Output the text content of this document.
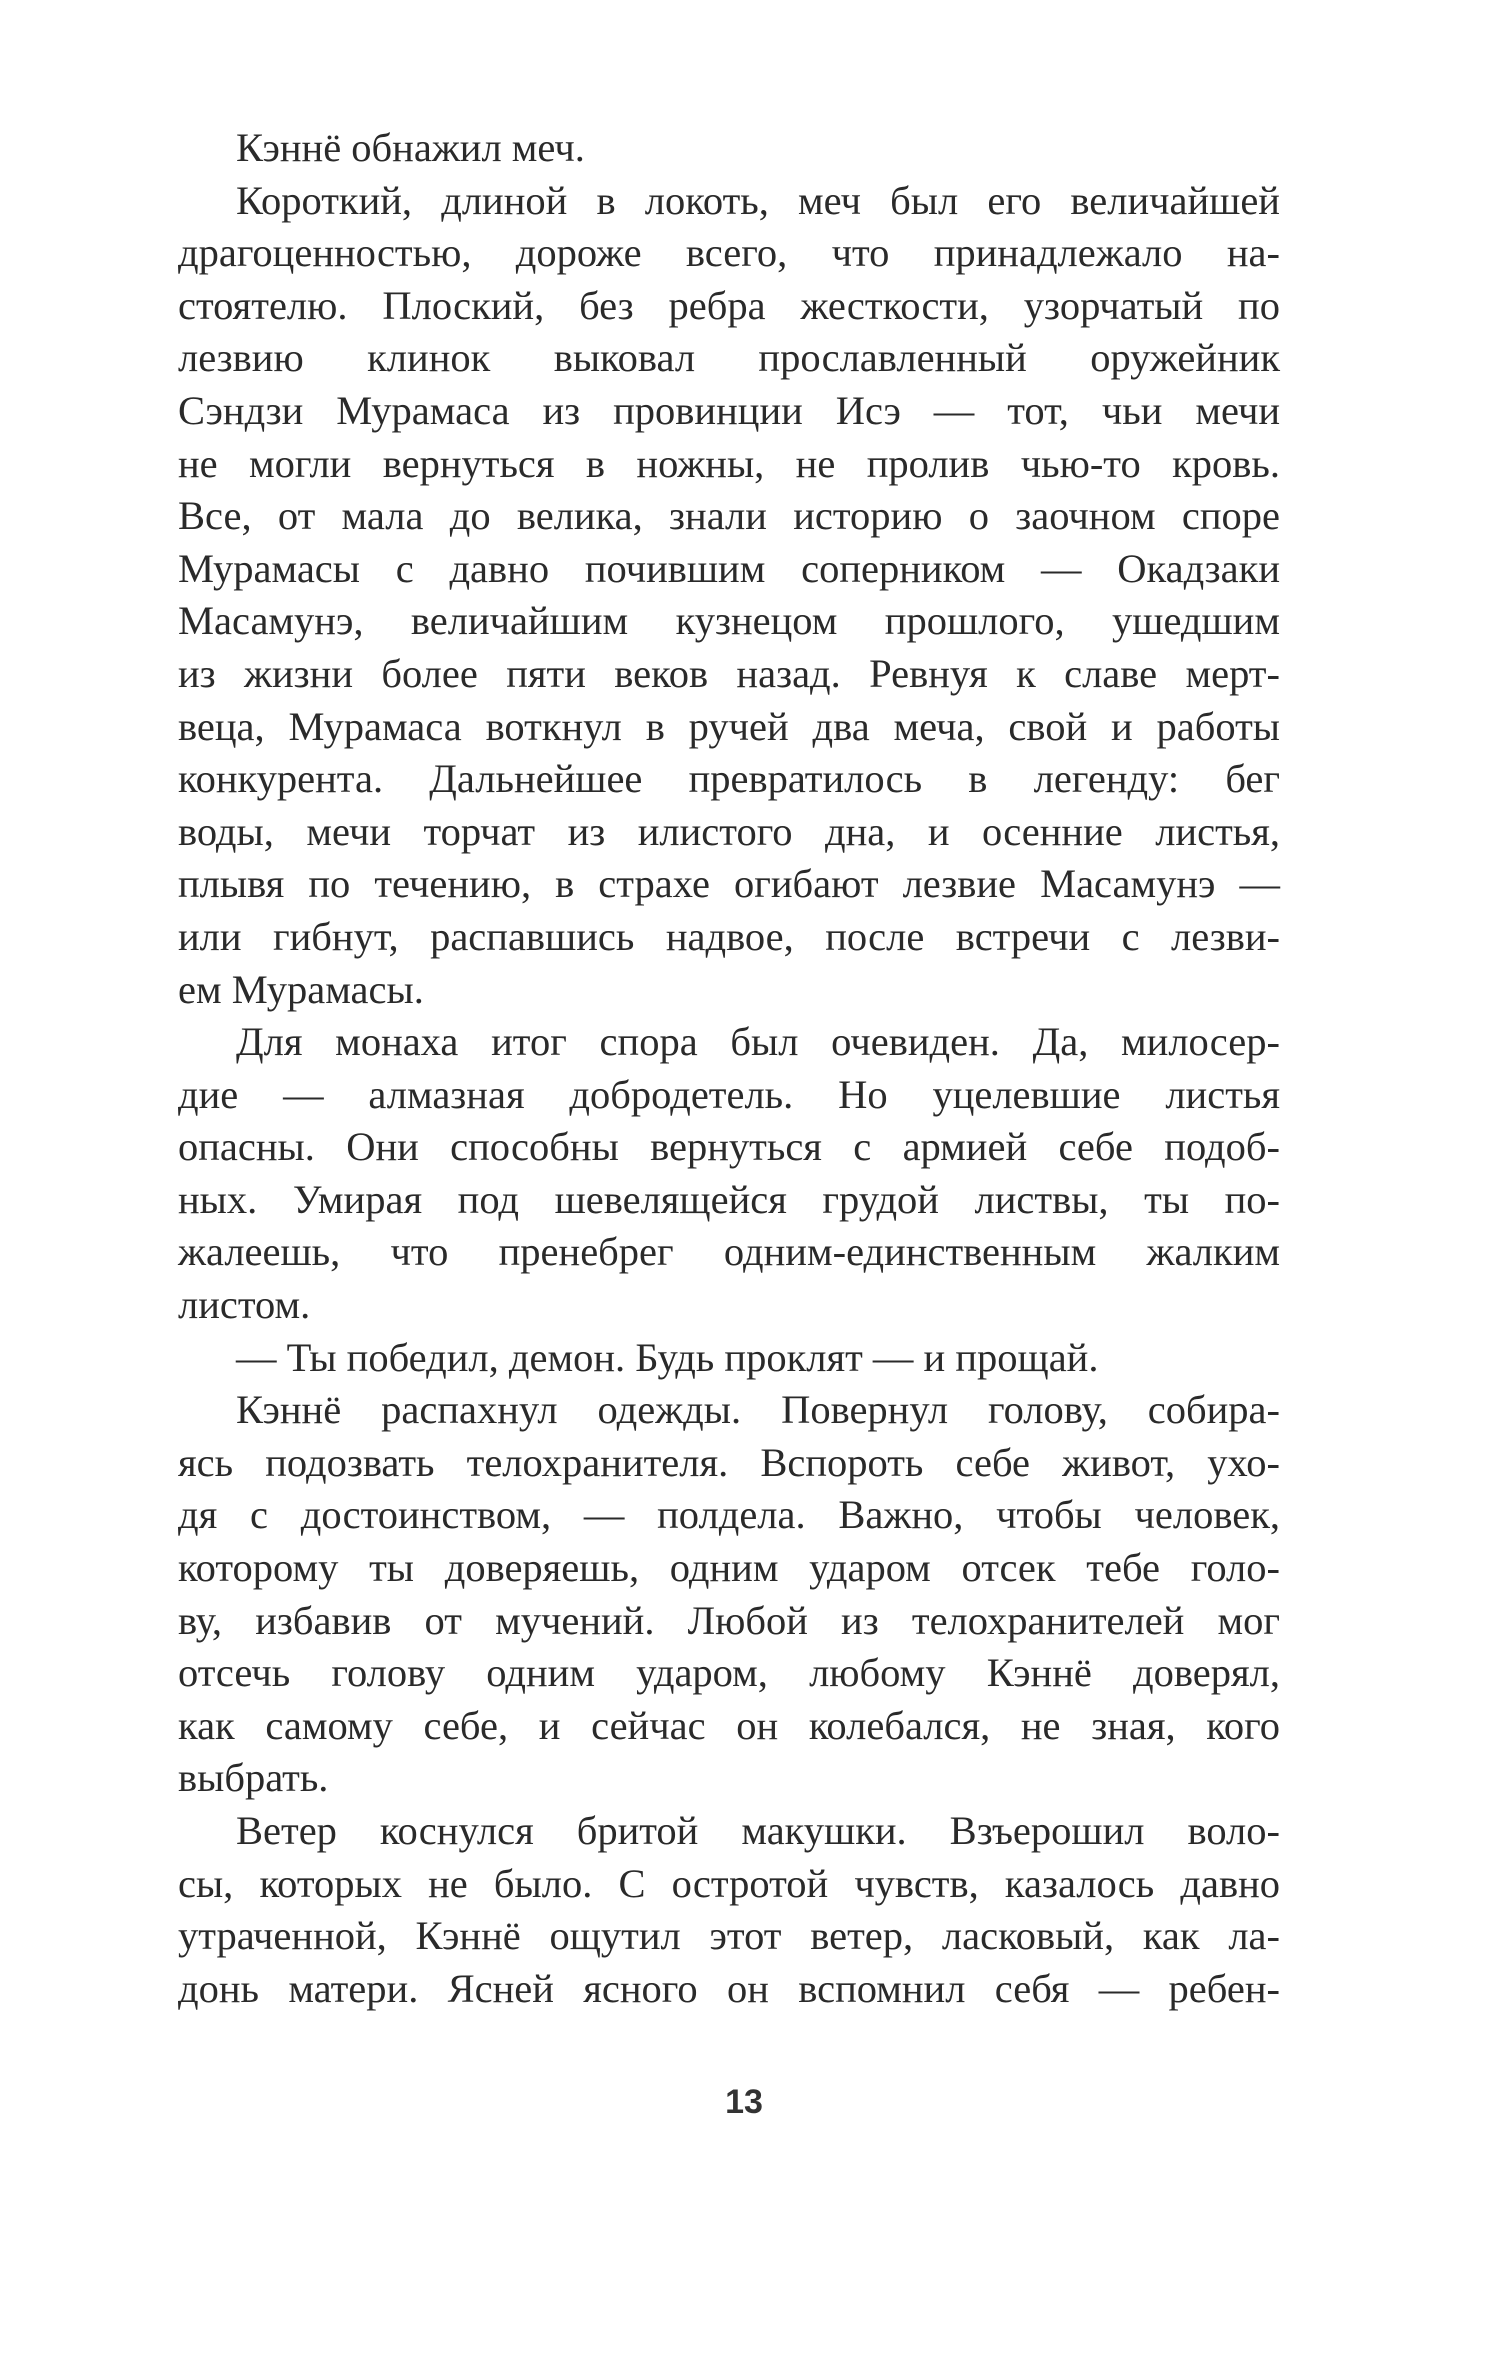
Кэннё обнажил меч.
Короткий, длиной в локоть, меч был его величайшей
драгоценностью, дороже всего, что принадлежало на-
стоятелю. Плоский, без ребра жесткости, узорчатый по
лезвию клинок выковал прославленный оружейник
Сэндзи Мурамаса из провинции Исэ — тот, чьи мечи
не могли вернуться в ножны, не пролив чью-то кровь.
Все, от мала до велика, знали историю о заочном споре
Мурамасы с давно почившим соперником — Окадзаки
Масамунэ, величайшим кузнецом прошлого, ушедшим
из жизни более пяти веков назад. Ревнуя к славе мерт-
веца, Мурамаса воткнул в ручей два меча, свой и работы
конкурента. Дальнейшее превратилось в легенду: бег
воды, мечи торчат из илистого дна, и осенние листья,
плывя по течению, в страхе огибают лезвие Масамунэ —
или гибнут, распавшись надвое, после встречи с лезви-
ем Мурамасы.
Для монаха итог спора был очевиден. Да, милосер-
дие — алмазная добродетель. Но уцелевшие листья
опасны. Они способны вернуться с армией себе подоб-
ных. Умирая под шевелящейся грудой листвы, ты по-
жалеешь, что пренебрег одним-единственным жалким
листом.
— Ты победил, демон. Будь проклят — и прощай.
Кэннё распахнул одежды. Повернул голову, собира-
ясь подозвать телохранителя. Вспороть себе живот, ухо-
дя с достоинством, — полдела. Важно, чтобы человек,
которому ты доверяешь, одним ударом отсек тебе голо-
ву, избавив от мучений. Любой из телохранителей мог
отсечь голову одним ударом, любому Кэннё доверял,
как самому себе, и сейчас он колебался, не зная, кого
выбрать.
Ветер коснулся бритой макушки. Взъерошил воло-
сы, которых не было. С остротой чувств, казалось давно
утраченной, Кэннё ощутил этот ветер, ласковый, как ла-
донь матери. Ясней ясного он вспомнил себя — ребен-
13
